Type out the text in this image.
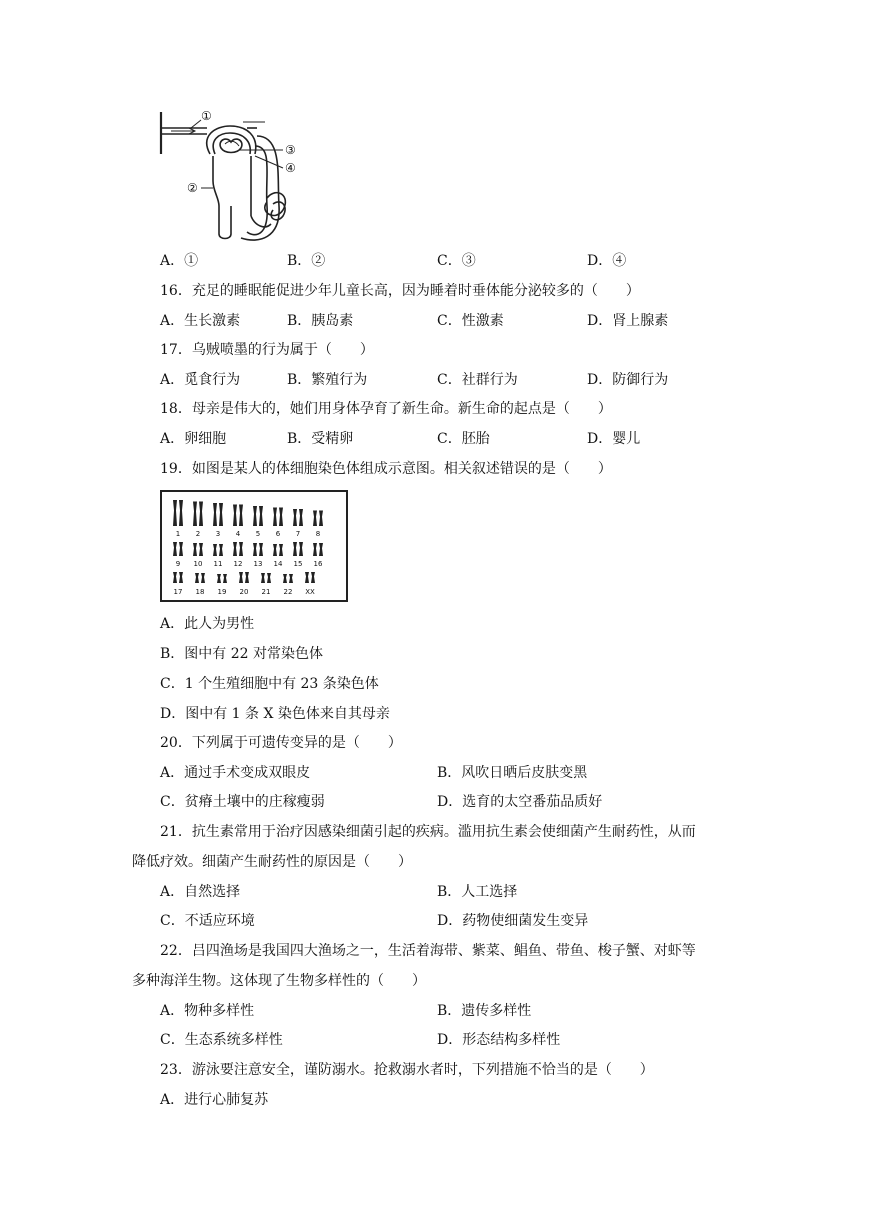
①
③
④
②
A．①	B．②	C．③	D．④
16．充足的睡眠能促进少年儿童长高，因为睡着时垂体能分泌较多的（　　）
A．生长激素	B．胰岛素	C．性激素	D．肾上腺素
17．乌贼喷墨的行为属于（　　）
A．觅食行为	B．繁殖行为	C．社群行为	D．防御行为
18．母亲是伟大的，她们用身体孕育了新生命。新生命的起点是（　　）
A．卵细胞	B．受精卵	C．胚胎	D．婴儿
19．如图是某人的体细胞染色体组成示意图。相关叙述错误的是（　　）
1 2 3 4 5 6 7 8
9 10 11 12 13 14 15 16
17 18 19 20 21 22 XX
A．此人为男性
B．图中有 22 对常染色体
C．1 个生殖细胞中有 23 条染色体
D．图中有 1 条 X 染色体来自其母亲
20．下列属于可遗传变异的是（　　）
A．通过手术变成双眼皮	B．风吹日晒后皮肤变黑
C．贫瘠土壤中的庄稼瘦弱	D．选育的太空番茄品质好
21．抗生素常用于治疗因感染细菌引起的疾病。滥用抗生素会使细菌产生耐药性，从而
降低疗效。细菌产生耐药性的原因是（　　）
A．自然选择	B．人工选择
C．不适应环境	D．药物使细菌发生变异
22．吕四渔场是我国四大渔场之一，生活着海带、紫菜、鲳鱼、带鱼、梭子蟹、对虾等
多种海洋生物。这体现了生物多样性的（　　）
A．物种多样性	B．遗传多样性
C．生态系统多样性	D．形态结构多样性
23．游泳要注意安全，谨防溺水。抢救溺水者时，下列措施不恰当的是（　　）
A．进行心肺复苏
